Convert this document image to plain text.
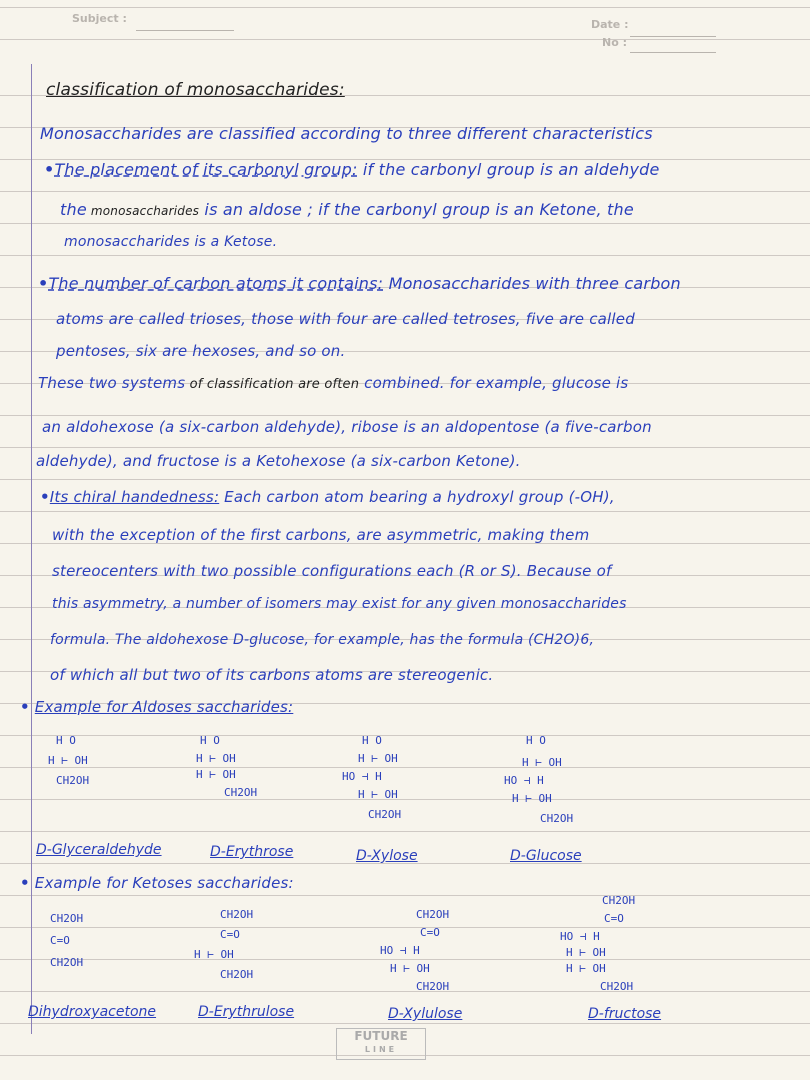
Subject :	Date :
No :
classification of monosaccharides:
Monosaccharides are classified according to three different characteristics
•The placement of its carbonyl group: if the carbonyl group is an aldehyde
the monosaccharides is an aldose ; if the carbonyl group is an Ketone, the
monosaccharides is a Ketose.
•The number of carbon atoms it contains: Monosaccharides with three carbon
atoms are called trioses, those with four are called tetroses, five are called
pentoses, six are hexoses, and so on.
These two systems of classification are often combined. for example, glucose is
an aldohexose (a six-carbon aldehyde), ribose is an aldopentose (a five-carbon
aldehyde), and fructose is a Ketohexose (a six-carbon Ketone).
•Its chiral handedness: Each carbon atom bearing a hydroxyl group (-OH),
with the exception of the first carbons, are asymmetric, making them
stereocenters with two possible configurations each (R or S). Because of
this asymmetry, a number of isomers may exist for any given monosaccharides
formula. The aldohexose D-glucose, for example, has the formula (CH2O)6,
of which all but two of its carbons atoms are stereogenic.
• Example for Aldoses saccharides:
H O
H ⊢ OH
CH2OH
D-Glyceraldehyde
H O
H ⊢ OH
H ⊢ OH
CH2OH
D-Erythrose
H O
H ⊢ OH
HO ⊣ H
H ⊢ OH
CH2OH
D-Xylose
H O
H ⊢ OH
HO ⊣ H
H ⊢ OH
CH2OH
D-Glucose
• Example for Ketoses saccharides:
CH2OH
C=O
CH2OH
Dihydroxyacetone
CH2OH
C=O
H ⊢ OH
CH2OH
D-Erythrulose
CH2OH
C=O
HO ⊣ H
H ⊢ OH
CH2OH
D-Xylulose
CH2OH
C=O
HO ⊣ H
H ⊢ OH
H ⊢ OH
CH2OH
D-fructose
FUTURE
LINE
